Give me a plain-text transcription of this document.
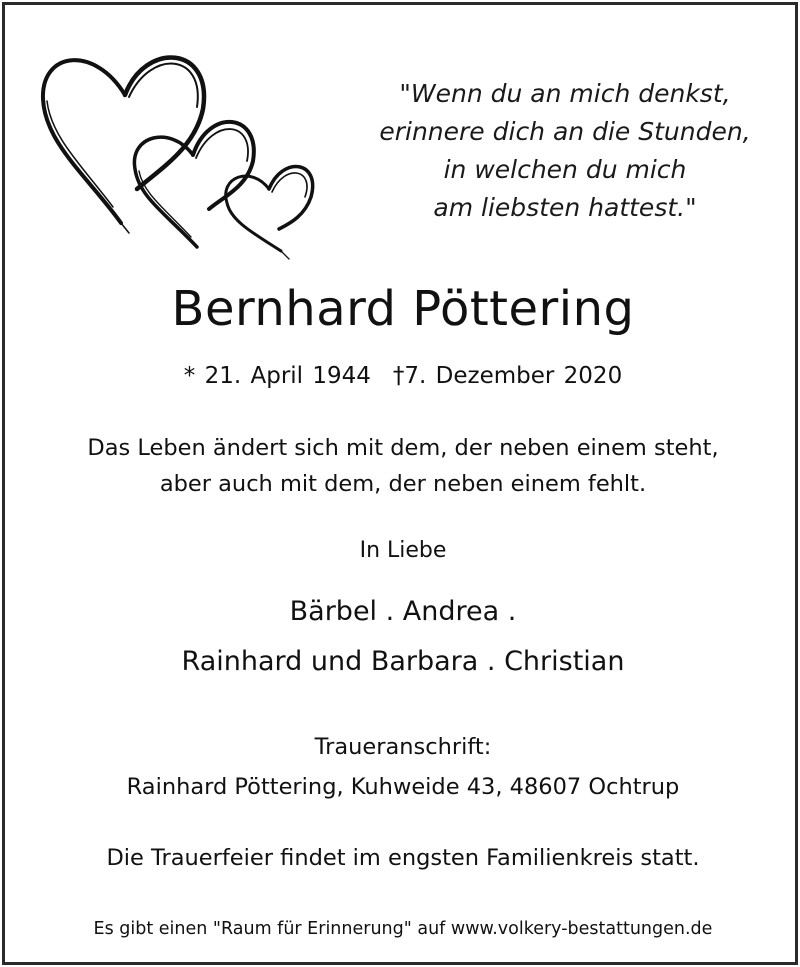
"Wenn du an mich denkst,
erinnere dich an die Stunden,
in welchen du mich
am liebsten hattest."
Bernhard Pöttering
* 21. April 1944 †7. Dezember 2020
Das Leben ändert sich mit dem, der neben einem steht,
aber auch mit dem, der neben einem fehlt.
In Liebe
Bärbel . Andrea .
Rainhard und Barbara . Christian
Traueranschrift:
Rainhard Pöttering, Kuhweide 43, 48607 Ochtrup
Die Trauerfeier findet im engsten Familienkreis statt.
Es gibt einen "Raum für Erinnerung" auf www.volkery-bestattungen.de
